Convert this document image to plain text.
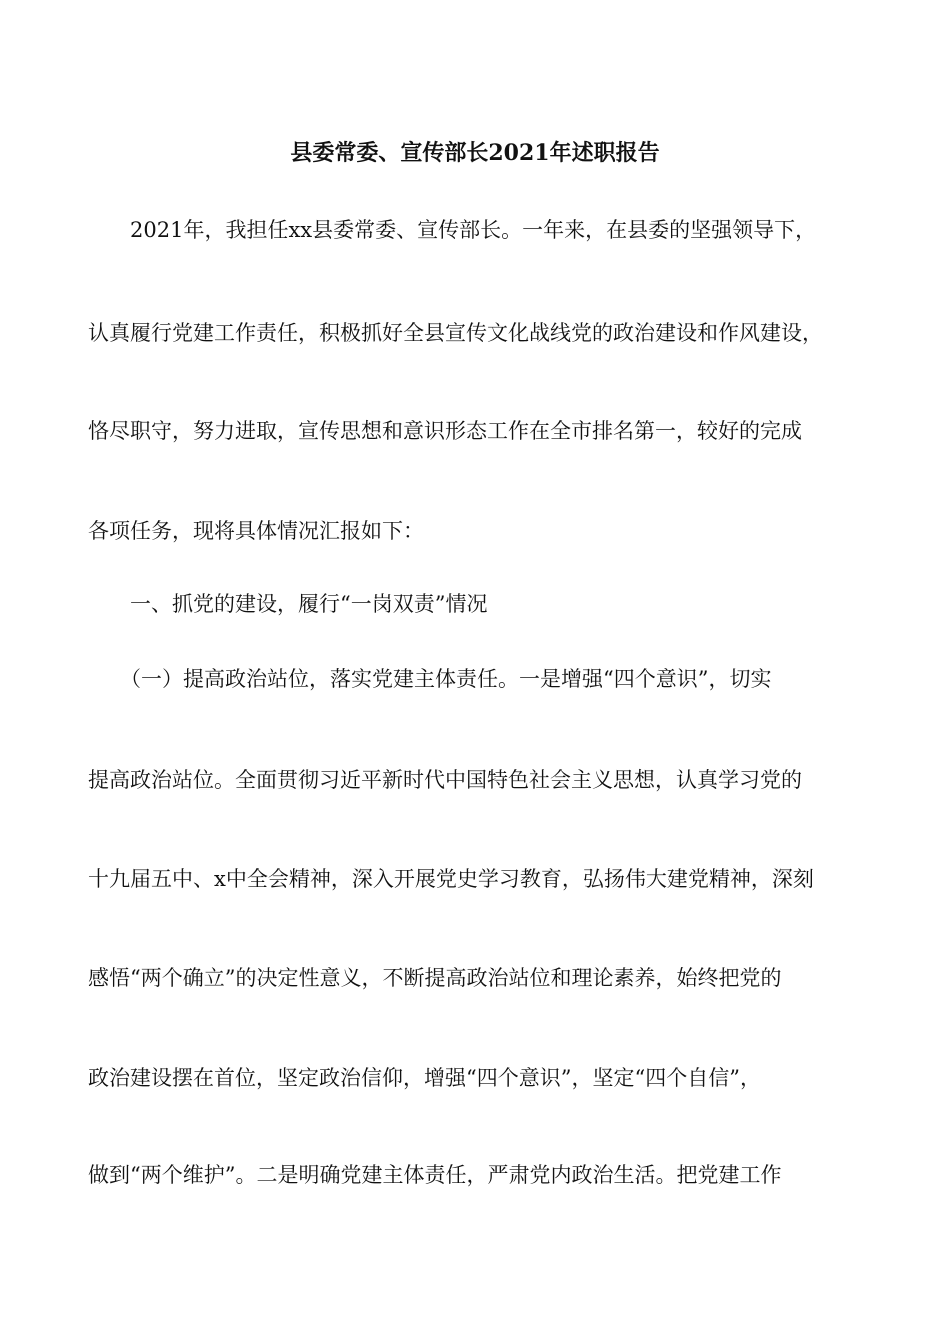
县委常委、宣传部长2021年述职报告
2021年，我担任xx县委常委、宣传部长。一年来，在县委的坚强领导下，
认真履行党建工作责任，积极抓好全县宣传文化战线党的政治建设和作风建设，
恪尽职守，努力进取，宣传思想和意识形态工作在全市排名第一，较好的完成
各项任务，现将具体情况汇报如下：
一、抓党的建设，履行“一岗双责”情况
（一）提高政治站位，落实党建主体责任。一是增强“四个意识”，切实
提高政治站位。全面贯彻习近平新时代中国特色社会主义思想，认真学习党的
十九届五中、x中全会精神，深入开展党史学习教育，弘扬伟大建党精神，深刻
感悟“两个确立”的决定性意义，不断提高政治站位和理论素养，始终把党的
政治建设摆在首位，坚定政治信仰，增强“四个意识”，坚定“四个自信”，
做到“两个维护”。二是明确党建主体责任，严肃党内政治生活。把党建工作
